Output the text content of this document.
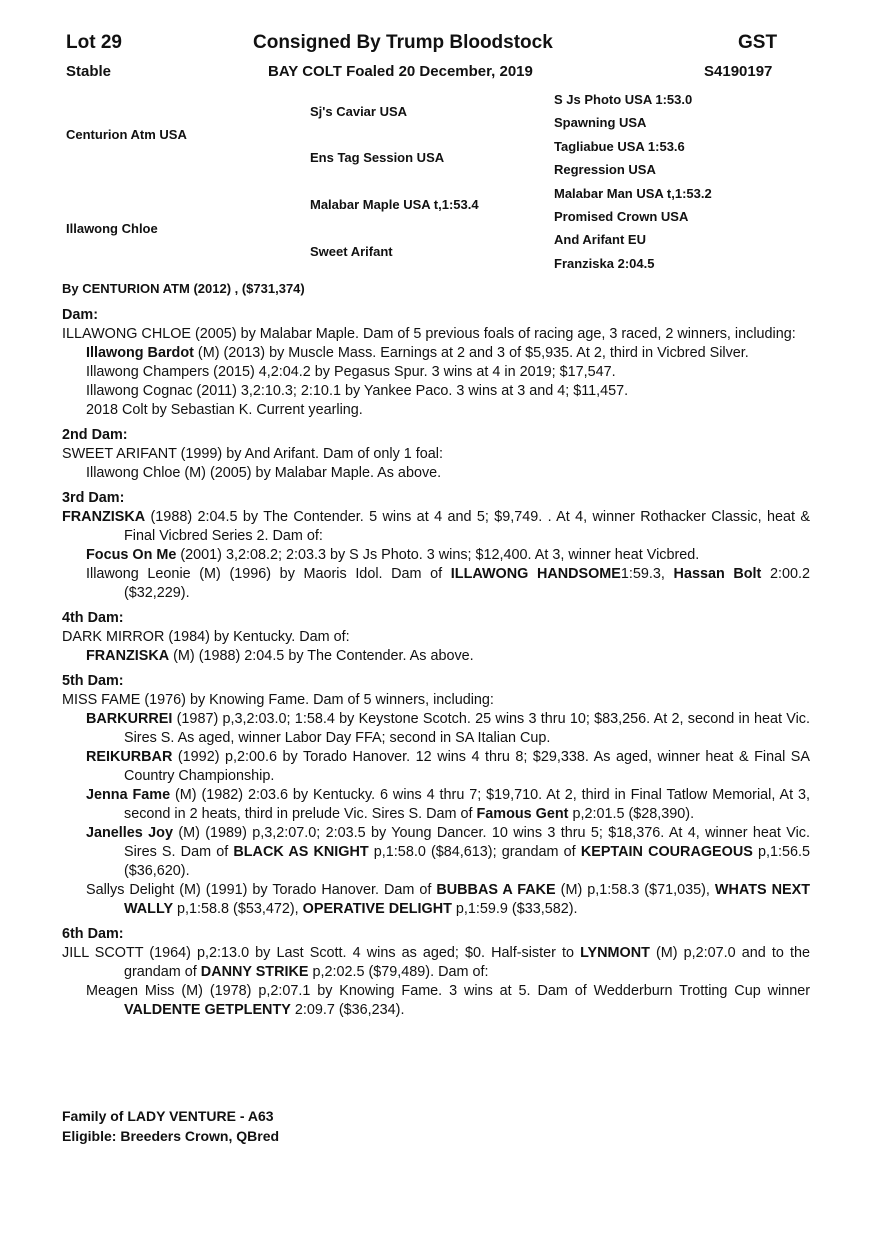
Lot 29	Consigned By Trump Bloodstock	GST
Stable	BAY COLT Foaled 20 December, 2019	S4190197
Centurion Atm USA
Illawong Chloe
Sj's Caviar USA
Ens Tag Session USA
Malabar Maple USA t,1:53.4
Sweet Arifant
S Js Photo USA 1:53.0
Spawning USA
Tagliabue USA 1:53.6
Regression USA
Malabar Man USA t,1:53.2
Promised Crown USA
And Arifant EU
Franziska 2:04.5
By CENTURION ATM (2012) , ($731,374)
Dam:
ILLAWONG CHLOE (2005) by Malabar Maple. Dam of 5 previous foals of racing age, 3 raced, 2 winners, including:
Illawong Bardot (M) (2013) by Muscle Mass. Earnings at 2 and 3 of $5,935. At 2, third in Vicbred Silver.
Illawong Champers (2015) 4,2:04.2 by Pegasus Spur. 3 wins at 4 in 2019; $17,547.
Illawong Cognac (2011) 3,2:10.3; 2:10.1 by Yankee Paco. 3 wins at 3 and 4; $11,457.
2018 Colt by Sebastian K. Current yearling.
2nd Dam:
SWEET ARIFANT (1999) by And Arifant. Dam of only 1 foal:
Illawong Chloe (M) (2005) by Malabar Maple. As above.
3rd Dam:
FRANZISKA (1988) 2:04.5 by The Contender. 5 wins at 4 and 5; $9,749. . At 4, winner Rothacker Classic, heat & Final Vicbred Series 2. Dam of:
Focus On Me (2001) 3,2:08.2; 2:03.3 by S Js Photo. 3 wins; $12,400. At 3, winner heat Vicbred.
Illawong Leonie (M) (1996) by Maoris Idol. Dam of ILLAWONG HANDSOME1:59.3, Hassan Bolt 2:00.2 ($32,229).
4th Dam:
DARK MIRROR (1984) by Kentucky. Dam of:
FRANZISKA (M) (1988) 2:04.5 by The Contender. As above.
5th Dam:
MISS FAME (1976) by Knowing Fame. Dam of 5 winners, including:
BARKURREI (1987) p,3,2:03.0; 1:58.4 by Keystone Scotch. 25 wins 3 thru 10; $83,256. At 2, second in heat Vic. Sires S. As aged, winner Labor Day FFA; second in SA Italian Cup.
REIKURBAR (1992) p,2:00.6 by Torado Hanover. 12 wins 4 thru 8; $29,338. As aged, winner heat & Final SA Country Championship.
Jenna Fame (M) (1982) 2:03.6 by Kentucky. 6 wins 4 thru 7; $19,710. At 2, third in Final Tatlow Memorial, At 3, second in 2 heats, third in prelude Vic. Sires S. Dam of Famous Gent p,2:01.5 ($28,390).
Janelles Joy (M) (1989) p,3,2:07.0; 2:03.5 by Young Dancer. 10 wins 3 thru 5; $18,376. At 4, winner heat Vic. Sires S. Dam of BLACK AS KNIGHT p,1:58.0 ($84,613); grandam of KEPTAIN COURAGEOUS p,1:56.5 ($36,620).
Sallys Delight (M) (1991) by Torado Hanover. Dam of BUBBAS A FAKE (M) p,1:58.3 ($71,035), WHATS NEXT WALLY p,1:58.8 ($53,472), OPERATIVE DELIGHT p,1:59.9 ($33,582).
6th Dam:
JILL SCOTT (1964) p,2:13.0 by Last Scott. 4 wins as aged; $0. Half-sister to LYNMONT (M) p,2:07.0 and to the grandam of DANNY STRIKE p,2:02.5 ($79,489). Dam of:
Meagen Miss (M) (1978) p,2:07.1 by Knowing Fame. 3 wins at 5. Dam of Wedderburn Trotting Cup winner VALDENTE GETPLENTY 2:09.7 ($36,234).
Family of LADY VENTURE - A63
Eligible: Breeders Crown, QBred
